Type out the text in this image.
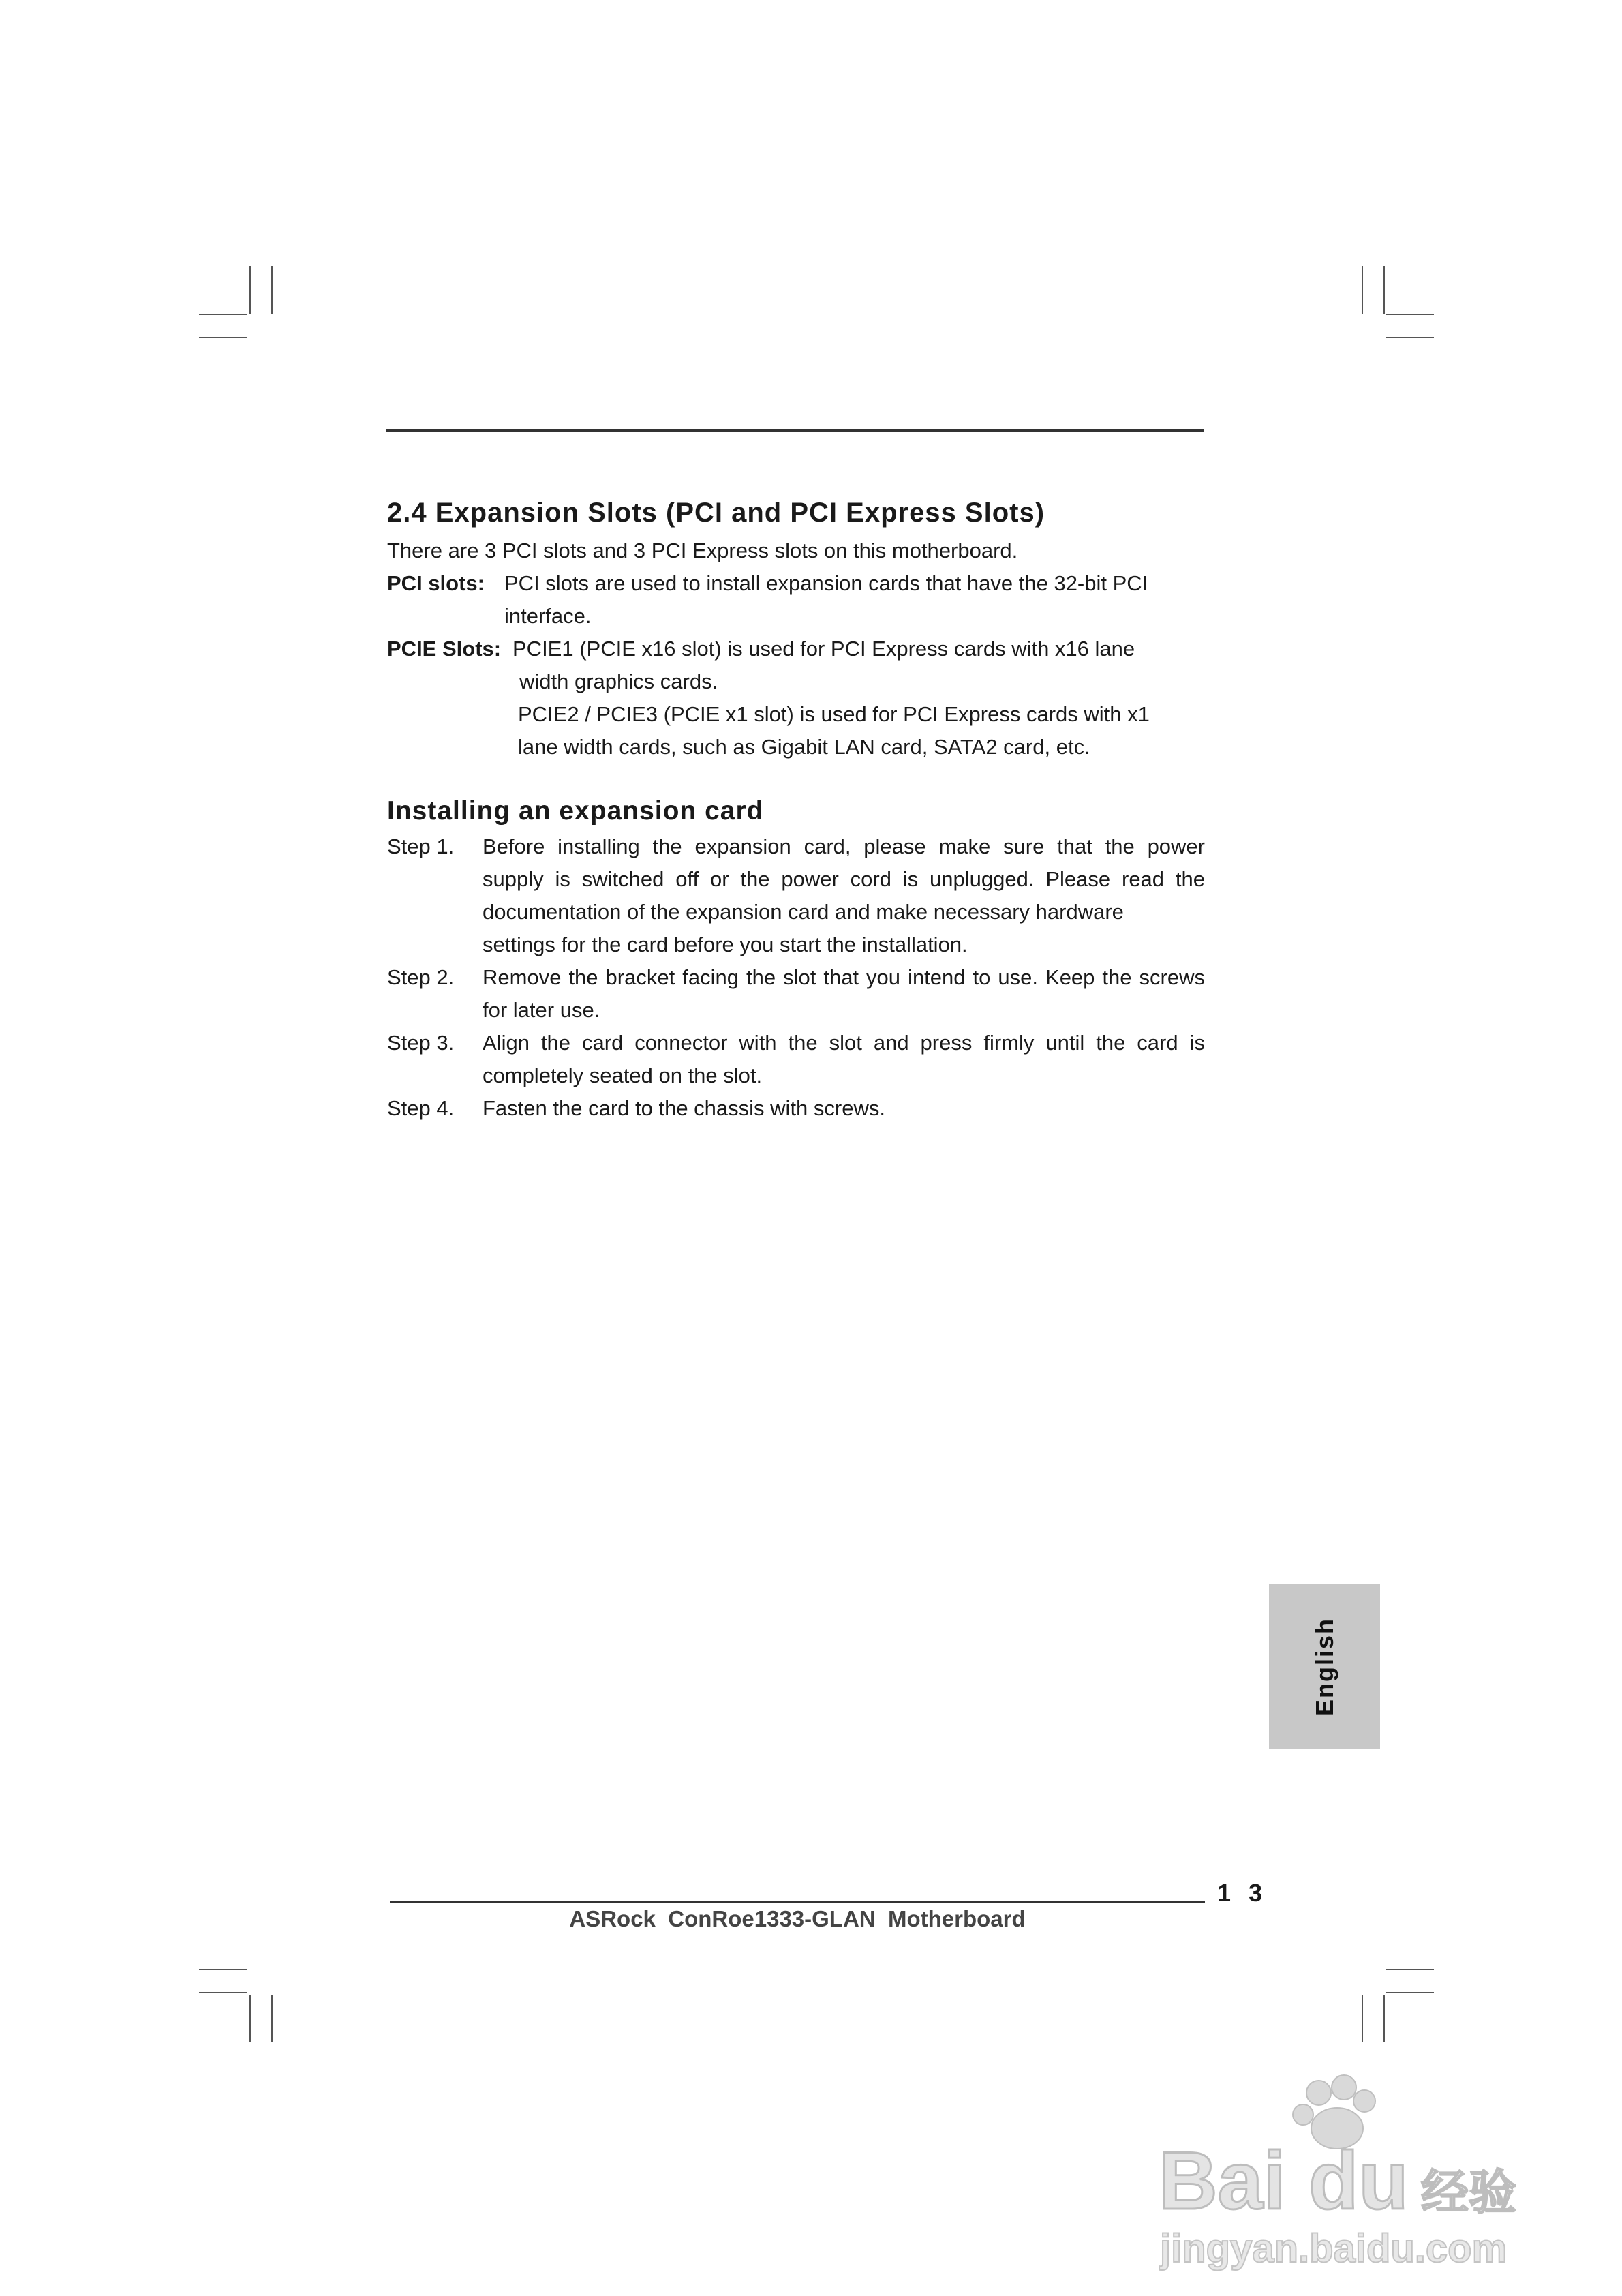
2.4 Expansion Slots (PCI and PCI Express Slots)
There are 3 PCI slots and 3 PCI Express slots on this motherboard.
PCI slots: PCI slots are used to install expansion cards that have the 32-bit PCI
interface.
PCIE Slots: PCIE1 (PCIE x16 slot) is used for PCI Express cards with x16 lane
width graphics cards.
PCIE2 / PCIE3 (PCIE x1 slot) is used for PCI Express cards with x1
lane width cards, such as Gigabit LAN card, SATA2 card, etc.
Installing an expansion card
Step 1. Before installing the expansion card, please make sure that the power
supply is switched off or the power cord is unplugged. Please read the
documentation of the expansion card and make necessary hardware
settings for the card before you start the installation.
Step 2. Remove the bracket facing the slot that you intend to use. Keep the screws
for later use.
Step 3. Align the card connector with the slot and press firmly until the card is
completely seated on the slot.
Step 4. Fasten the card to the chassis with screws.
English
1 3
ASRock  ConRoe1333-GLAN  Motherboard
Bai du 经验
jingyan.baidu.com
